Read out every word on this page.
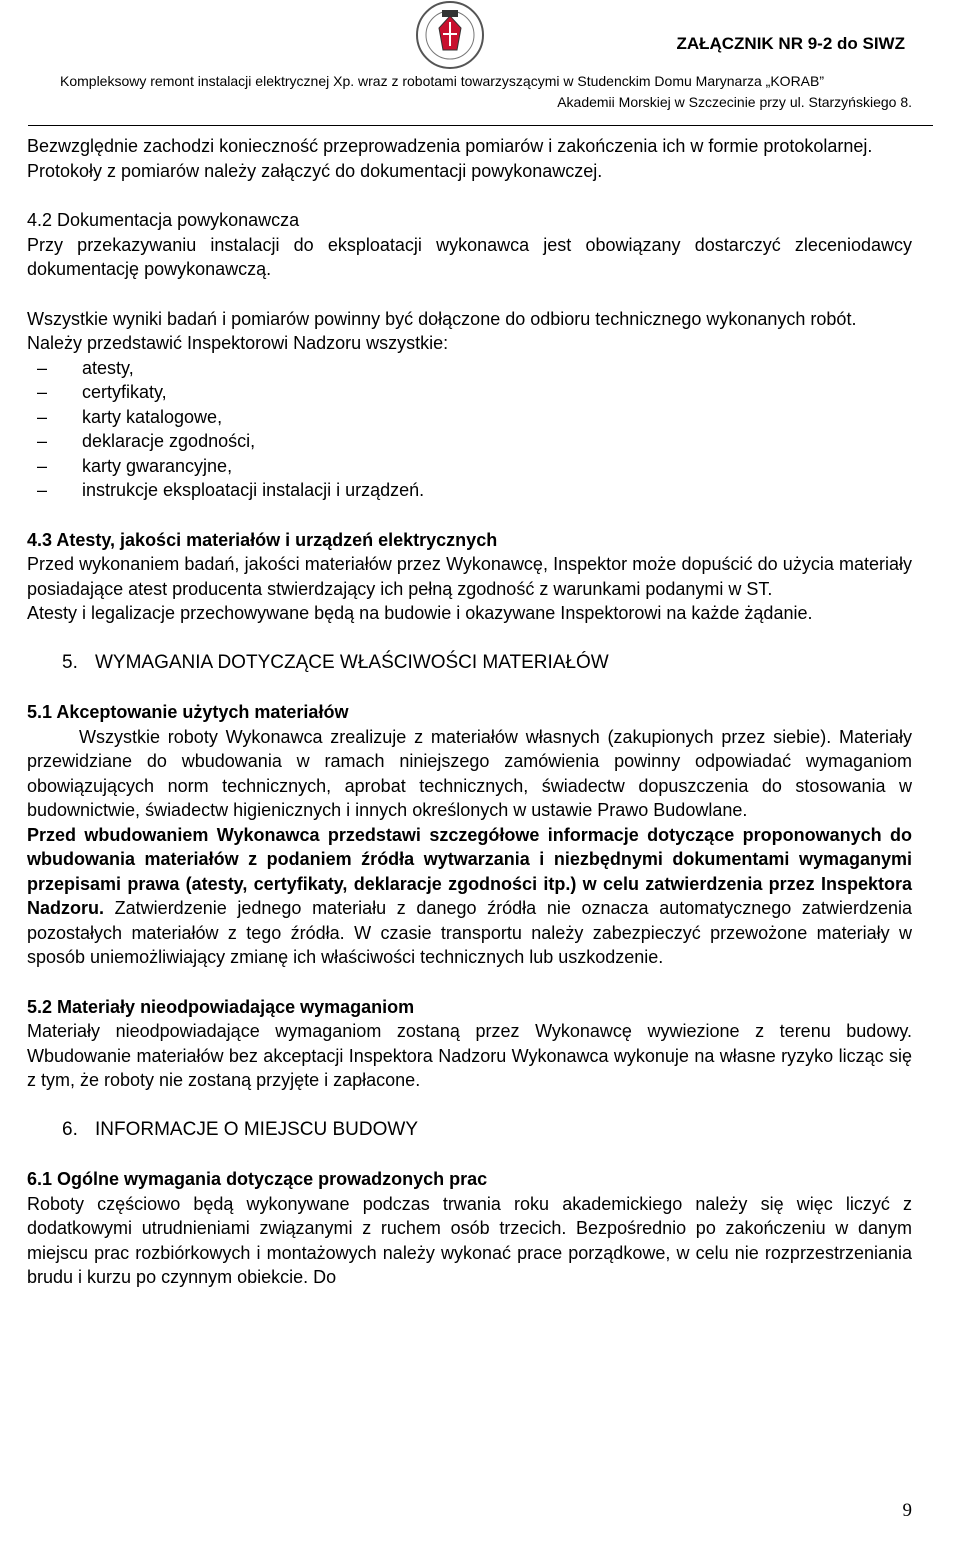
ZAŁĄCZNIK NR 9-2 do SIWZ
Kompleksowy remont instalacji elektrycznej Xp. wraz z robotami towarzyszącymi w Studenckim Domu Marynarza „KORAB”
Akademii Morskiej w Szczecinie przy ul. Starzyńskiego 8.

Bezwzględnie zachodzi konieczność przeprowadzenia pomiarów i zakończenia ich w formie protokolarnej.

Protokoły z pomiarów należy załączyć do dokumentacji powykonawczej.

4.2 Dokumentacja powykonawcza

Przy przekazywaniu instalacji do eksploatacji wykonawca jest obowiązany dostarczyć zleceniodawcy dokumentację powykonawczą.

Wszystkie wyniki badań i pomiarów powinny być dołączone do odbioru technicznego wykonanych robót.

Należy przedstawić Inspektorowi Nadzoru wszystkie:

–	atesty,
–	certyfikaty,
–	karty katalogowe,
–	deklaracje zgodności,
–	karty gwarancyjne,
–	instrukcje eksploatacji instalacji i urządzeń.

4.3 Atesty, jakości materiałów i urządzeń elektrycznych

Przed wykonaniem badań, jakości materiałów przez Wykonawcę, Inspektor może dopuścić do użycia materiały posiadające atest producenta stwierdzający ich pełną zgodność z warunkami podanymi w ST.

Atesty i legalizacje przechowywane będą na budowie i okazywane Inspektorowi na każde żądanie.

5. WYMAGANIA DOTYCZĄCE WŁAŚCIWOŚCI MATERIAŁÓW

5.1 Akceptowanie użytych materiałów

Wszystkie roboty Wykonawca zrealizuje z materiałów własnych (zakupionych przez siebie). Materiały przewidziane do wbudowania w ramach niniejszego zamówienia powinny odpowiadać wymaganiom obowiązujących norm technicznych, aprobat technicznych, świadectw dopuszczenia do stosowania w budownictwie, świadectw higienicznych i innych określonych w ustawie Prawo Budowlane.

Przed wbudowaniem Wykonawca przedstawi szczegółowe informacje dotyczące proponowanych do wbudowania materiałów z podaniem źródła wytwarzania i niezbędnymi dokumentami wymaganymi przepisami prawa (atesty, certyfikaty, deklaracje zgodności itp.) w celu zatwierdzenia przez Inspektora Nadzoru. Zatwierdzenie jednego materiału z danego źródła nie oznacza automatycznego zatwierdzenia pozostałych materiałów z tego źródła. W czasie transportu należy zabezpieczyć przewożone materiały w sposób uniemożliwiający zmianę ich właściwości technicznych lub uszkodzenie.

5.2 Materiały nieodpowiadające wymaganiom

Materiały nieodpowiadające wymaganiom zostaną przez Wykonawcę wywiezione z terenu budowy. Wbudowanie materiałów bez akceptacji Inspektora Nadzoru Wykonawca wykonuje na własne ryzyko licząc się z tym, że roboty nie zostaną przyjęte i zapłacone.

6. INFORMACJE O MIEJSCU BUDOWY

6.1 Ogólne wymagania dotyczące prowadzonych prac

Roboty częściowo będą wykonywane podczas trwania roku akademickiego należy się więc liczyć z dodatkowymi utrudnieniami związanymi z ruchem osób trzecich. Bezpośrednio po zakończeniu w danym miejscu prac rozbiórkowych i montażowych należy wykonać prace porządkowe, w celu nie rozprzestrzeniania brudu i kurzu po czynnym obiekcie. Do

9
